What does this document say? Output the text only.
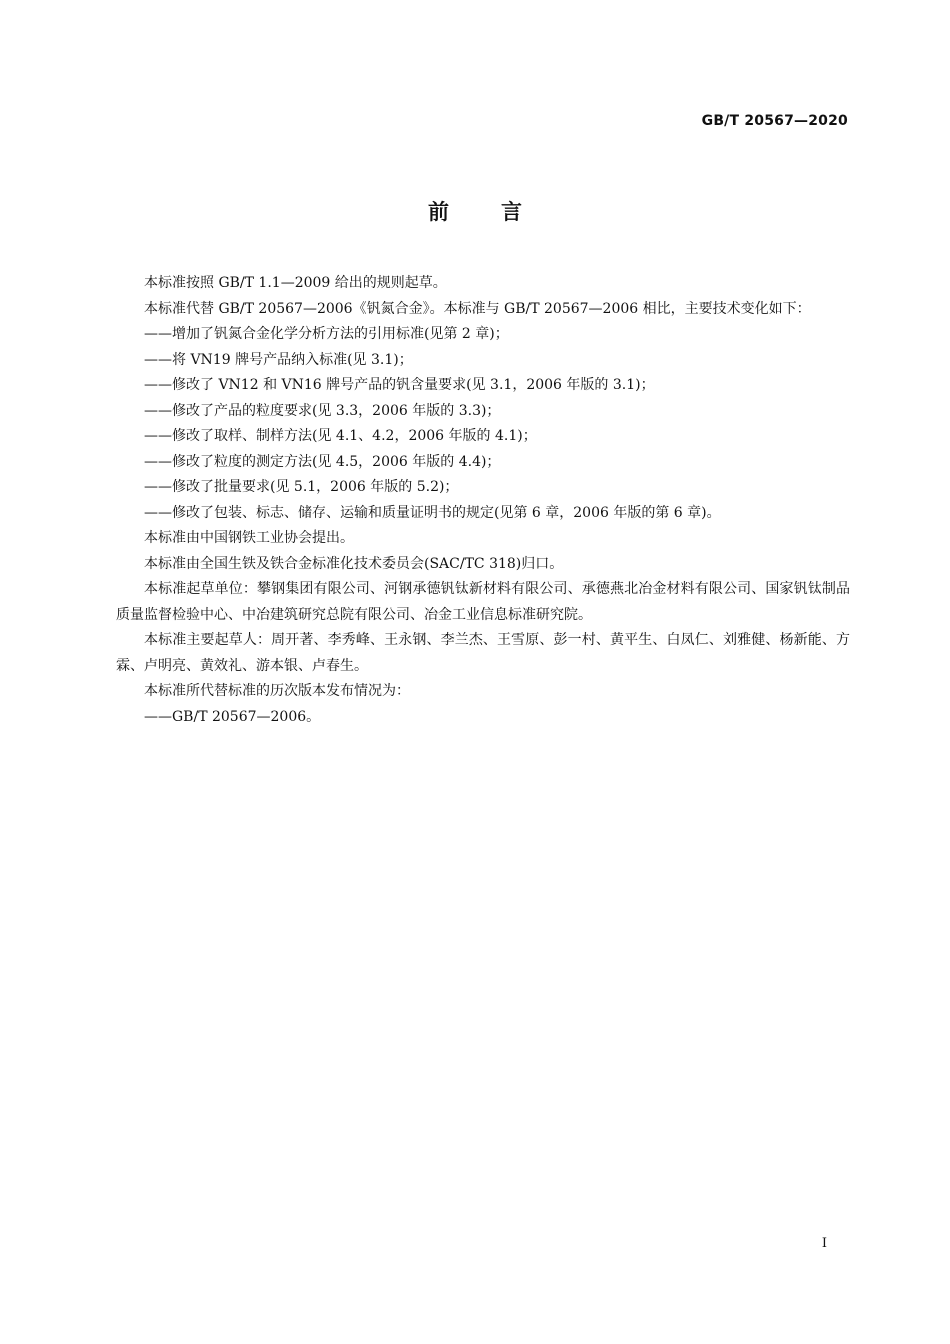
GB/T 20567—2020
前言

本标准按照 GB/T 1.1—2009 给出的规则起草。

本标准代替 GB/T 20567—2006《钒氮合金》。本标准与 GB/T 20567—2006 相比，主要技术变化如下：

——增加了钒氮合金化学分析方法的引用标准(见第 2 章)；

——将 VN19 牌号产品纳入标准(见 3.1)；

——修改了 VN12 和 VN16 牌号产品的钒含量要求(见 3.1，2006 年版的 3.1)；

——修改了产品的粒度要求(见 3.3，2006 年版的 3.3)；

——修改了取样、制样方法(见 4.1、4.2，2006 年版的 4.1)；

——修改了粒度的测定方法(见 4.5，2006 年版的 4.4)；

——修改了批量要求(见 5.1，2006 年版的 5.2)；

——修改了包装、标志、储存、运输和质量证明书的规定(见第 6 章，2006 年版的第 6 章)。

本标准由中国钢铁工业协会提出。

本标准由全国生铁及铁合金标准化技术委员会(SAC/TC 318)归口。

本标准起草单位：攀钢集团有限公司、河钢承德钒钛新材料有限公司、承德燕北冶金材料有限公司、国家钒钛制品质量监督检验中心、中冶建筑研究总院有限公司、冶金工业信息标准研究院。

本标准主要起草人：周开著、李秀峰、王永钢、李兰杰、王雪原、彭一村、黄平生、白凤仁、刘雅健、杨新能、方霖、卢明亮、黄效礼、游本银、卢春生。

本标准所代替标准的历次版本发布情况为：

——GB/T 20567—2006。

I
